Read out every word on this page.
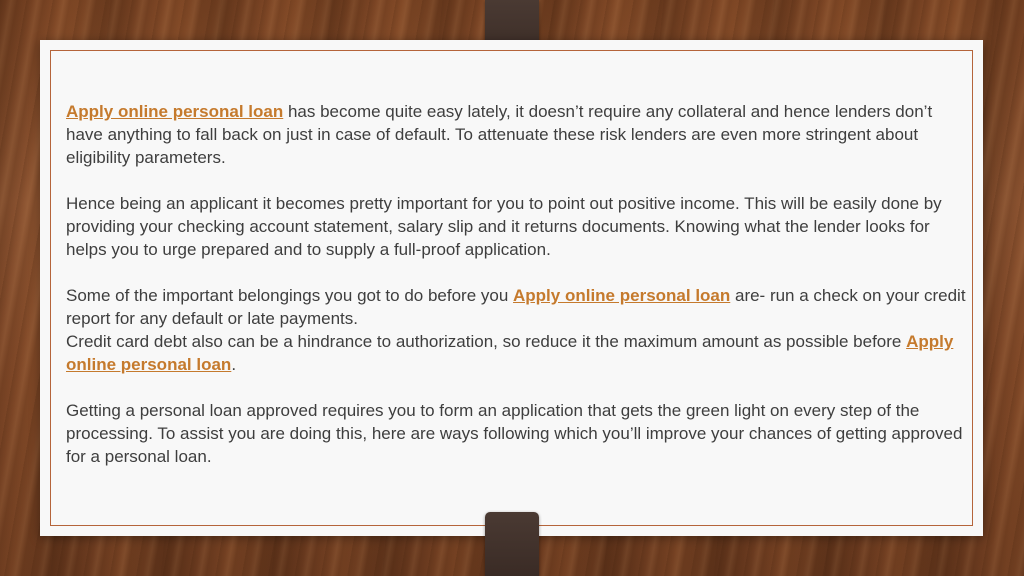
Apply online personal loan has become quite easy lately, it doesn’t require any collateral and hence lenders don’t have anything to fall back on just in case of default. To attenuate these risk lenders are even more stringent about eligibility parameters.

Hence being an applicant it becomes pretty important for you to point out positive income. This will be easily done by providing your checking account statement, salary slip and it returns documents. Knowing what the lender looks for helps you to urge prepared and to supply a full-proof application.

Some of the important belongings you got to do before you Apply online personal loan are- run a check on your credit report for any default or late payments.
Credit card debt also can be a hindrance to authorization, so reduce it the maximum amount as possible before Apply online personal loan.

Getting a personal loan approved requires you to form an application that gets the green light on every step of the processing. To assist you are doing this, here are ways following which you’ll improve your chances of getting approved for a personal loan.
